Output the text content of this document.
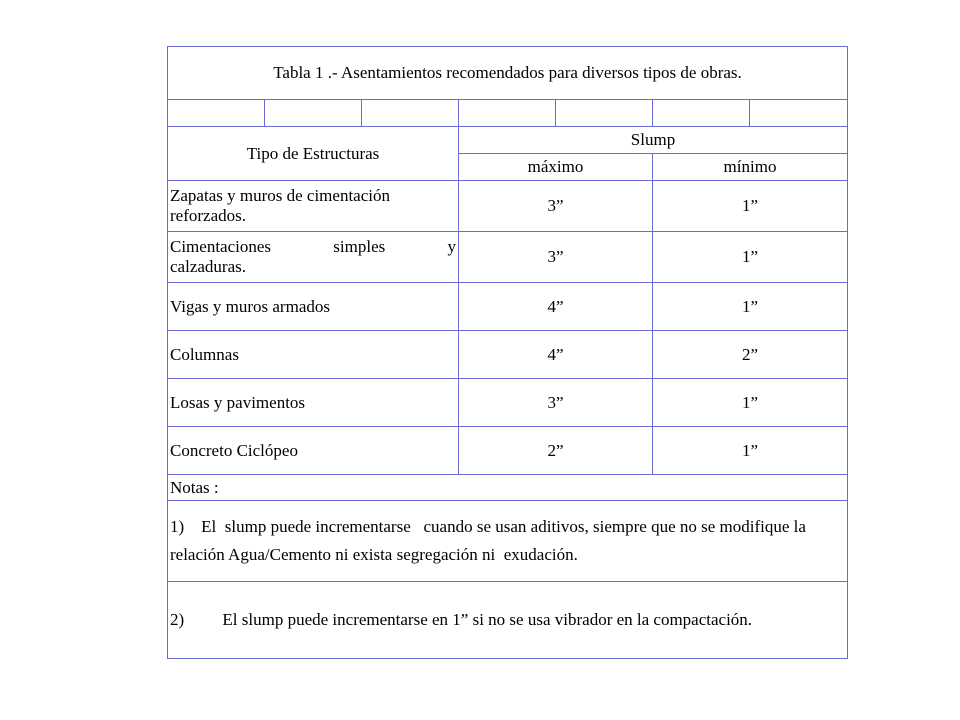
Tabla 1 .- Asentamientos recomendados para diversos tipos de obras.						

Tipo de Estructuras			Slump			
			máximo		mínimo	
Zapatas y muros de cimentación
reforzados.			3”		1”	

Cimentaciones simples y
calzaduras.			3”		1”	
Vigas y muros armados			4”		1”	
Columnas			4”		2”	
Losas y pavimentos			3”		1”	
Concreto Ciclópeo			2”		1”	
Notas :						

1)    El  slump puede incrementarse   cuando se usan aditivos, siempre que no se modifique la relación Agua/Cemento ni exista segregación ni  exudación.						

2)         El slump puede incrementarse en 1” si no se usa vibrador en la compactación.						
